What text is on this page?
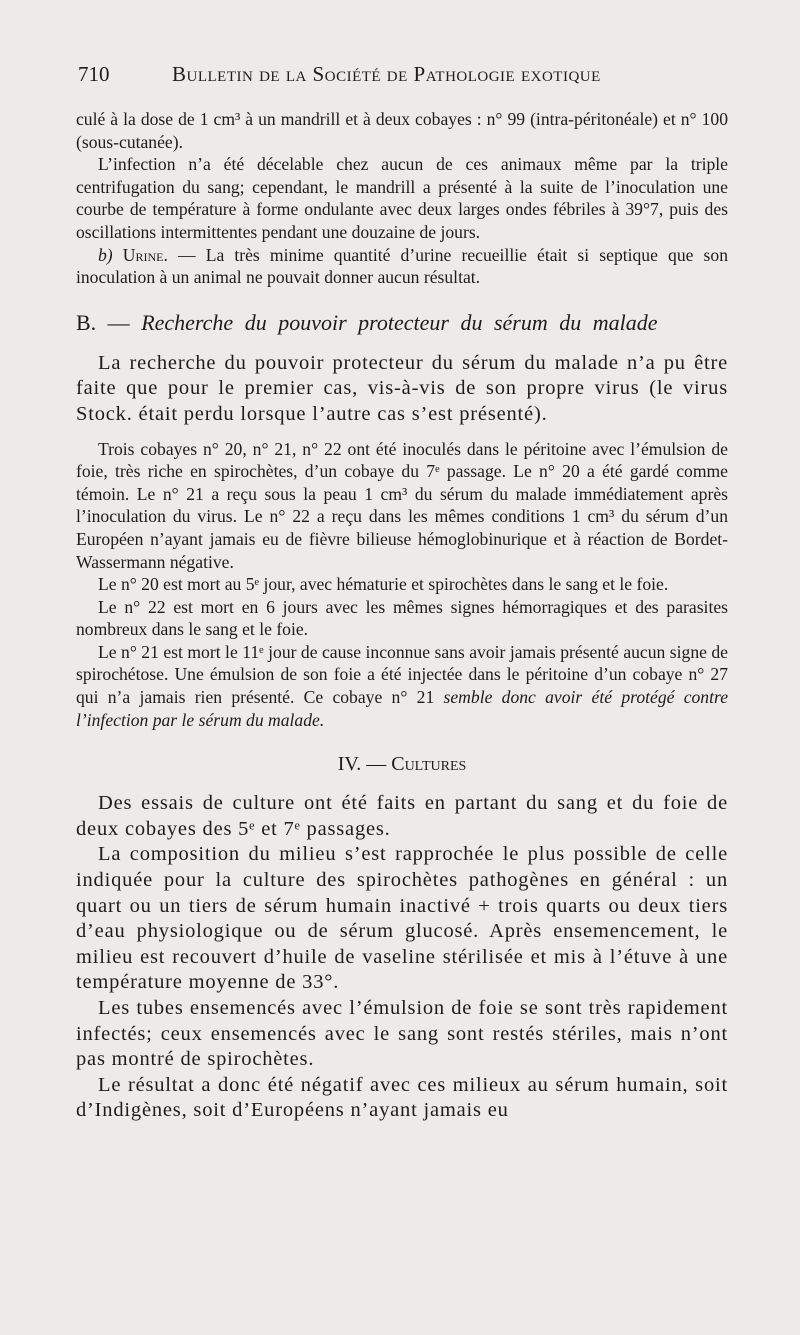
710	Bulletin de la Société de Pathologie exotique

culé à la dose de 1 cm³ à un mandrill et à deux cobayes : n° 99 (intra-péritonéale) et n° 100 (sous-cutanée).

L’infection n’a été décelable chez aucun de ces animaux même par la triple centrifugation du sang; cependant, le mandrill a présenté à la suite de l’inoculation une courbe de température à forme ondulante avec deux larges ondes fébriles à 39°7, puis des oscillations intermittentes pendant une douzaine de jours.

b) Urine. — La très minime quantité d’urine recueillie était si septique que son inoculation à un animal ne pouvait donner aucun résultat.

B. — Recherche du pouvoir protecteur du sérum du malade

La recherche du pouvoir protecteur du sérum du malade n’a pu être faite que pour le premier cas, vis-à-vis de son propre virus (le virus Stock. était perdu lorsque l’autre cas s’est présenté).

Trois cobayes n° 20, n° 21, n° 22 ont été inoculés dans le péritoine avec l’émulsion de foie, très riche en spirochètes, d’un cobaye du 7ᵉ passage. Le n° 20 a été gardé comme témoin. Le n° 21 a reçu sous la peau 1 cm³ du sérum du malade immédiatement après l’inoculation du virus. Le n° 22 a reçu dans les mêmes conditions 1 cm³ du sérum d’un Européen n’ayant jamais eu de fièvre bilieuse hémoglobinurique et à réaction de Bordet-Wassermann négative.

Le n° 20 est mort au 5ᵉ jour, avec hématurie et spirochètes dans le sang et le foie.

Le n° 22 est mort en 6 jours avec les mêmes signes hémorragiques et des parasites nombreux dans le sang et le foie.

Le n° 21 est mort le 11ᵉ jour de cause inconnue sans avoir jamais présenté aucun signe de spirochétose. Une émulsion de son foie a été injectée dans le péritoine d’un cobaye n° 27 qui n’a jamais rien présenté. Ce cobaye n° 21 semble donc avoir été protégé contre l’infection par le sérum du malade.

IV. — Cultures

Des essais de culture ont été faits en partant du sang et du foie de deux cobayes des 5ᵉ et 7ᵉ passages.

La composition du milieu s’est rapprochée le plus possible de celle indiquée pour la culture des spirochètes pathogènes en général : un quart ou un tiers de sérum humain inactivé + trois quarts ou deux tiers d’eau physiologique ou de sérum glucosé. Après ensemencement, le milieu est recouvert d’huile de vaseline stérilisée et mis à l’étuve à une température moyenne de 33°.

Les tubes ensemencés avec l’émulsion de foie se sont très rapidement infectés; ceux ensemencés avec le sang sont restés stériles, mais n’ont pas montré de spirochètes.

Le résultat a donc été négatif avec ces milieux au sérum humain, soit d’Indigènes, soit d’Européens n’ayant jamais eu
